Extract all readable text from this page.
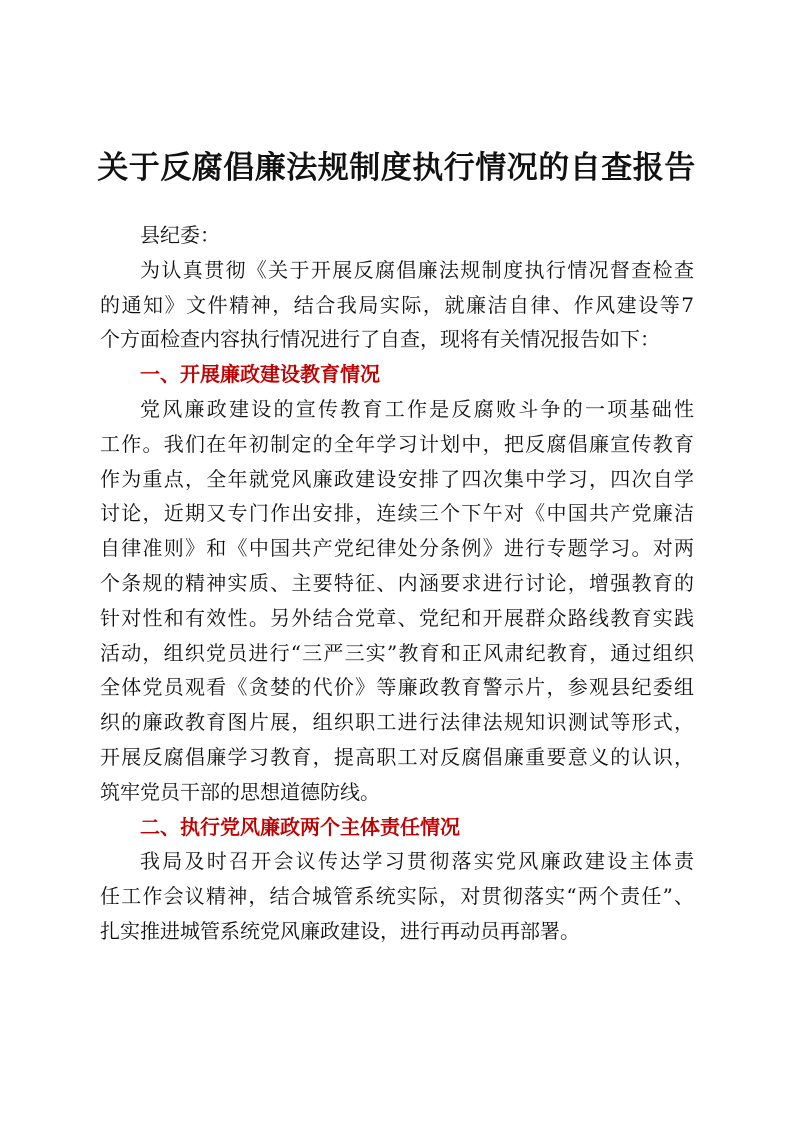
关于反腐倡廉法规制度执行情况的自查报告

县纪委：

为认真贯彻《关于开展反腐倡廉法规制度执行情况督查检查
的通知》文件精神，结合我局实际，就廉洁自律、作风建设等7
个方面检查内容执行情况进行了自查，现将有关情况报告如下：

一、开展廉政建设教育情况

党风廉政建设的宣传教育工作是反腐败斗争的一项基础性
工作。我们在年初制定的全年学习计划中，把反腐倡廉宣传教育
作为重点，全年就党风廉政建设安排了四次集中学习，四次自学
讨论，近期又专门作出安排，连续三个下午对《中国共产党廉洁
自律准则》和《中国共产党纪律处分条例》进行专题学习。对两
个条规的精神实质、主要特征、内涵要求进行讨论，增强教育的
针对性和有效性。另外结合党章、党纪和开展群众路线教育实践
活动，组织党员进行“三严三实”教育和正风肃纪教育，通过组织
全体党员观看《贪婪的代价》等廉政教育警示片，参观县纪委组
织的廉政教育图片展，组织职工进行法律法规知识测试等形式，
开展反腐倡廉学习教育，提高职工对反腐倡廉重要意义的认识，
筑牢党员干部的思想道德防线。

二、执行党风廉政两个主体责任情况

我局及时召开会议传达学习贯彻落实党风廉政建设主体责
任工作会议精神，结合城管系统实际，对贯彻落实“两个责任”、
扎实推进城管系统党风廉政建设，进行再动员再部署。
